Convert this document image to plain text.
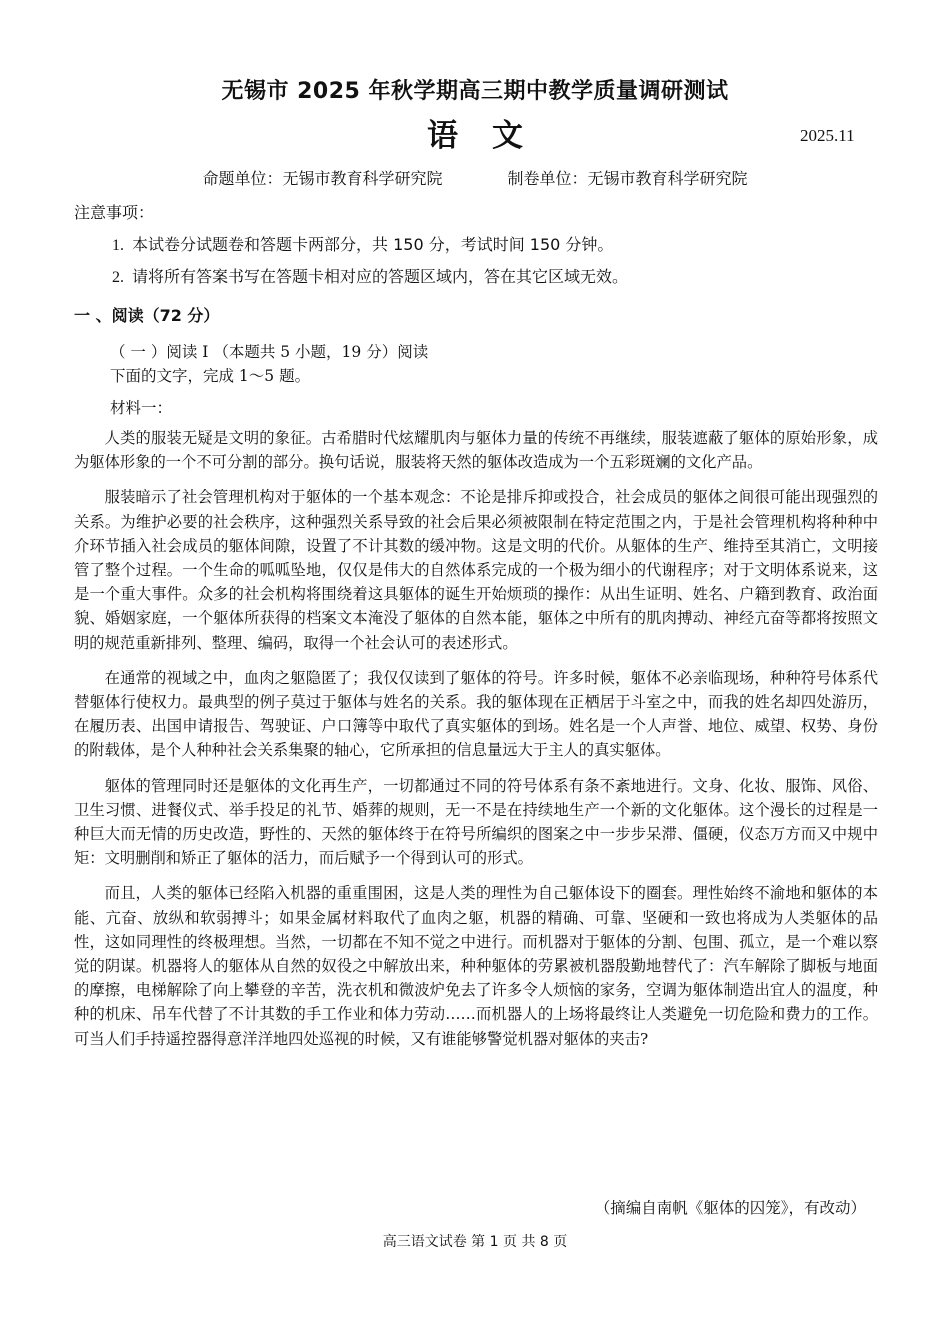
无锡市 2025 年秋学期高三期中教学质量调研测试
语文	2025.11
命题单位：无锡市教育科学研究院	制卷单位：无锡市教育科学研究院
注意事项：
1. 本试卷分试题卷和答题卡两部分，共 150 分，考试时间 150 分钟。
2. 请将所有答案书写在答题卡相对应的答题区域内，答在其它区域无效。
一 、阅读（72 分）
（ 一 ）阅读 I （本题共 5 小题，19 分）阅读下面的文字，完成 1～5 题。
材料一：

人类的服装无疑是文明的象征。古希腊时代炫耀肌肉与躯体力量的传统不再继续，服装遮蔽了躯体的原始形象，成为躯体形象的一个不可分割的部分。换句话说，服装将天然的躯体改造成为一个五彩斑斓的文化产品。

服装暗示了社会管理机构对于躯体的一个基本观念：不论是排斥抑或投合，社会成员的躯体之间很可能出现强烈的关系。为维护必要的社会秩序，这种强烈关系导致的社会后果必须被限制在特定范围之内，于是社会管理机构将种种中介环节插入社会成员的躯体间隙，设置了不计其数的缓冲物。这是文明的代价。从躯体的生产、维持至其消亡，文明接管了整个过程。一个生命的呱呱坠地，仅仅是伟大的自然体系完成的一个极为细小的代谢程序；对于文明体系说来，这是一个重大事件。众多的社会机构将围绕着这具躯体的诞生开始烦琐的操作：从出生证明、姓名、户籍到教育、政治面貌、婚姻家庭，一个躯体所获得的档案文本淹没了躯体的自然本能，躯体之中所有的肌肉搏动、神经亢奋等都将按照文明的规范重新排列、整理、编码，取得一个社会认可的表述形式。

在通常的视域之中，血肉之躯隐匿了；我仅仅读到了躯体的符号。许多时候，躯体不必亲临现场，种种符号体系代替躯体行使权力。最典型的例子莫过于躯体与姓名的关系。我的躯体现在正栖居于斗室之中，而我的姓名却四处游历，在履历表、出国申请报告、驾驶证、户口簿等中取代了真实躯体的到场。姓名是一个人声誉、地位、威望、权势、身份的附载体，是个人种种社会关系集聚的轴心，它所承担的信息量远大于主人的真实躯体。

躯体的管理同时还是躯体的文化再生产，一切都通过不同的符号体系有条不紊地进行。文身、化妆、服饰、风俗、卫生习惯、进餐仪式、举手投足的礼节、婚葬的规则，无一不是在持续地生产一个新的文化躯体。这个漫长的过程是一种巨大而无情的历史改造，野性的、天然的躯体终于在符号所编织的图案之中一步步呆滞、僵硬，仪态万方而又中规中矩：文明删削和矫正了躯体的活力，而后赋予一个得到认可的形式。

而且，人类的躯体已经陷入机器的重重围困，这是人类的理性为自己躯体设下的圈套。理性始终不渝地和躯体的本能、亢奋、放纵和软弱搏斗；如果金属材料取代了血肉之躯，机器的精确、可靠、坚硬和一致也将成为人类躯体的品性，这如同理性的终极理想。当然，一切都在不知不觉之中进行。而机器对于躯体的分割、包围、孤立，是一个难以察觉的阴谋。机器将人的躯体从自然的奴役之中解放出来，种种躯体的劳累被机器殷勤地替代了：汽车解除了脚板与地面的摩擦，电梯解除了向上攀登的辛苦，洗衣机和微波炉免去了许多令人烦恼的家务，空调为躯体制造出宜人的温度，种种的机床、吊车代替了不计其数的手工作业和体力劳动……而机器人的上场将最终让人类避免一切危险和费力的工作。可当人们手持遥控器得意洋洋地四处巡视的时候，又有谁能够警觉机器对躯体的夹击?

（摘编自南帆《躯体的囚笼》，有改动）
高三语文试卷 第 1 页 共 8 页
